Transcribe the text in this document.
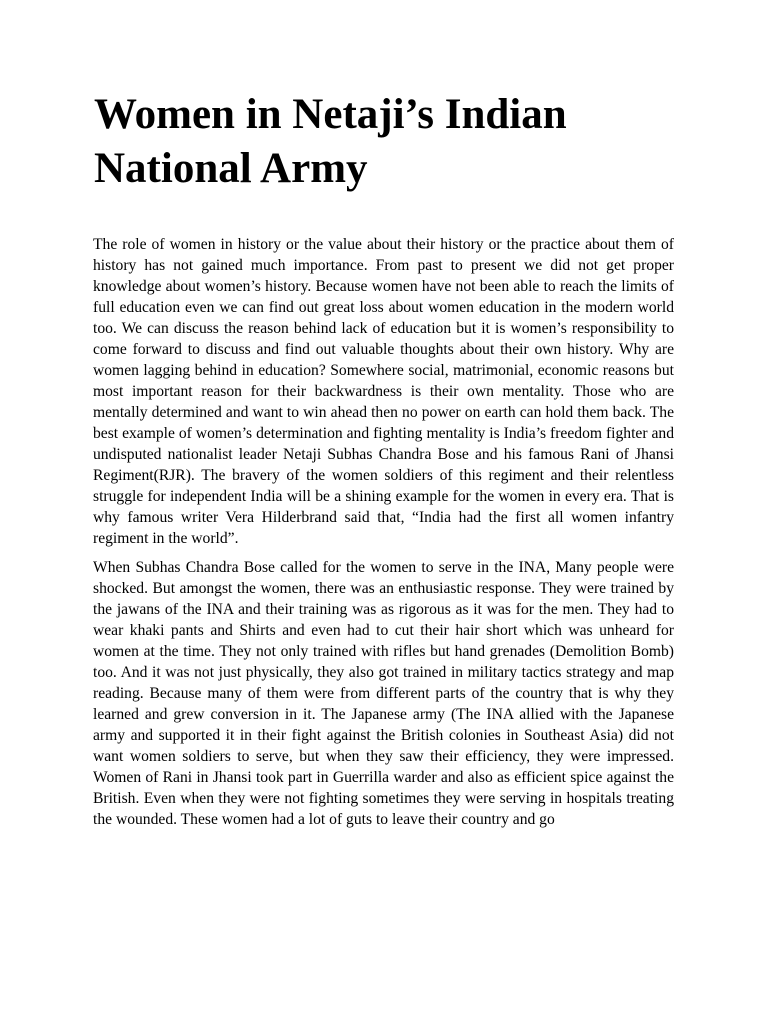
Women in Netaji’s Indian National Army

The role of women in history or the value about their history or the practice about them of history has not gained much importance. From past to present we did not get proper knowledge about women’s history. Because women have not been able to reach the limits of full education even we can find out great loss about women education in the modern world too. We can discuss the reason behind lack of education but it is women’s responsibility to come forward to discuss and find out valuable thoughts about their own history. Why are women lagging behind in education? Somewhere social, matrimonial, economic reasons but most important reason for their backwardness is their own mentality. Those who are mentally determined and want to win ahead then no power on earth can hold them back. The best example of women’s determination and fighting mentality is India’s freedom fighter and undisputed nationalist leader Netaji Subhas Chandra Bose and his famous Rani of Jhansi Regiment(RJR). The bravery of the women soldiers of this regiment and their relentless struggle for independent India will be a shining example for the women in every era. That is why famous writer Vera Hilderbrand said that, “India had the first all women infantry regiment in the world”.

When Subhas Chandra Bose called for the women to serve in the INA, Many people were shocked. But amongst the women, there was an enthusiastic response. They were trained by the jawans of the INA and their training was as rigorous as it was for the men. They had to wear khaki pants and Shirts and even had to cut their hair short which was unheard for women at the time. They not only trained with rifles but hand grenades (Demolition Bomb) too. And it was not just physically, they also got trained in military tactics strategy and map reading. Because many of them were from different parts of the country that is why they learned and grew conversion in it. The Japanese army (The INA allied with the Japanese army and supported it in their fight against the British colonies in Southeast Asia) did not want women soldiers to serve, but when they saw their efficiency, they were impressed. Women of Rani in Jhansi took part in Guerrilla warder and also as efficient spice against the British. Even when they were not fighting sometimes they were serving in hospitals treating the wounded. These women had a lot of guts to leave their country and go
